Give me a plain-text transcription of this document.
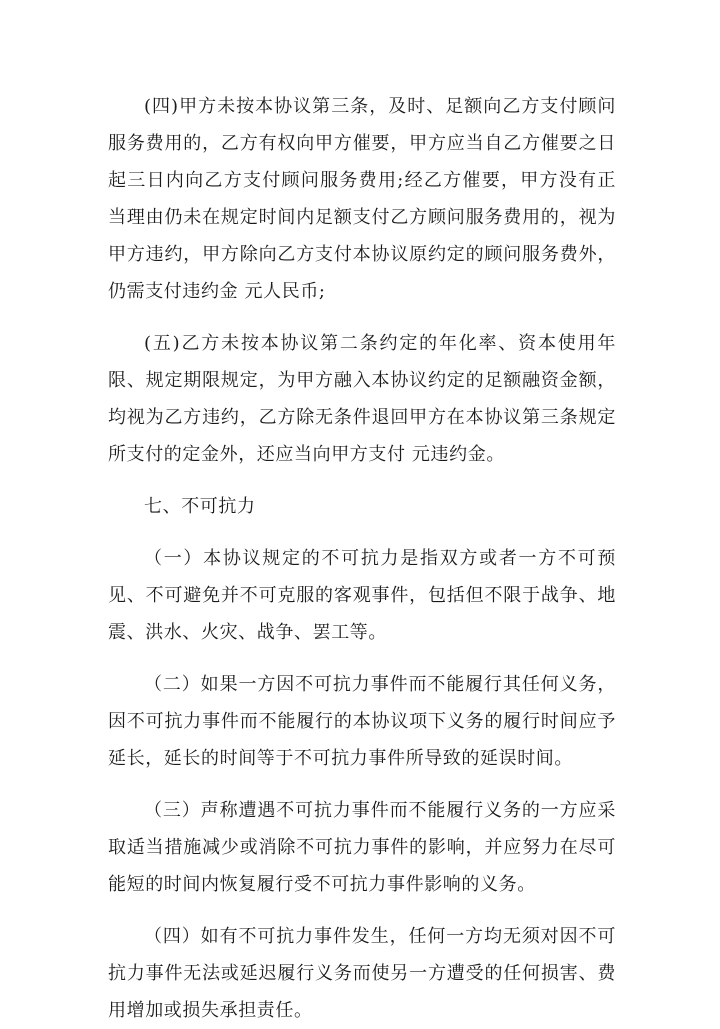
(四)甲方未按本协议第三条，及时、足额向乙方支付顾问服务费用的，乙方有权向甲方催要，甲方应当自乙方催要之日起三日内向乙方支付顾问服务费用;经乙方催要，甲方没有正当理由仍未在规定时间内足额支付乙方顾问服务费用的，视为甲方违约，甲方除向乙方支付本协议原约定的顾问服务费外，仍需支付违约金 元人民币;

(五)乙方未按本协议第二条约定的年化率、资本使用年限、规定期限规定，为甲方融入本协议约定的足额融资金额，均视为乙方违约，乙方除无条件退回甲方在本协议第三条规定所支付的定金外，还应当向甲方支付 元违约金。

七、不可抗力

（一）本协议规定的不可抗力是指双方或者一方不可预见、不可避免并不可克服的客观事件，包括但不限于战争、地震、洪水、火灾、战争、罢工等。

（二）如果一方因不可抗力事件而不能履行其任何义务，因不可抗力事件而不能履行的本协议项下义务的履行时间应予延长，延长的时间等于不可抗力事件所导致的延误时间。

（三）声称遭遇不可抗力事件而不能履行义务的一方应采取适当措施减少或消除不可抗力事件的影响，并应努力在尽可能短的时间内恢复履行受不可抗力事件影响的义务。

（四）如有不可抗力事件发生，任何一方均无须对因不可抗力事件无法或延迟履行义务而使另一方遭受的任何损害、费用增加或损失承担责任。
